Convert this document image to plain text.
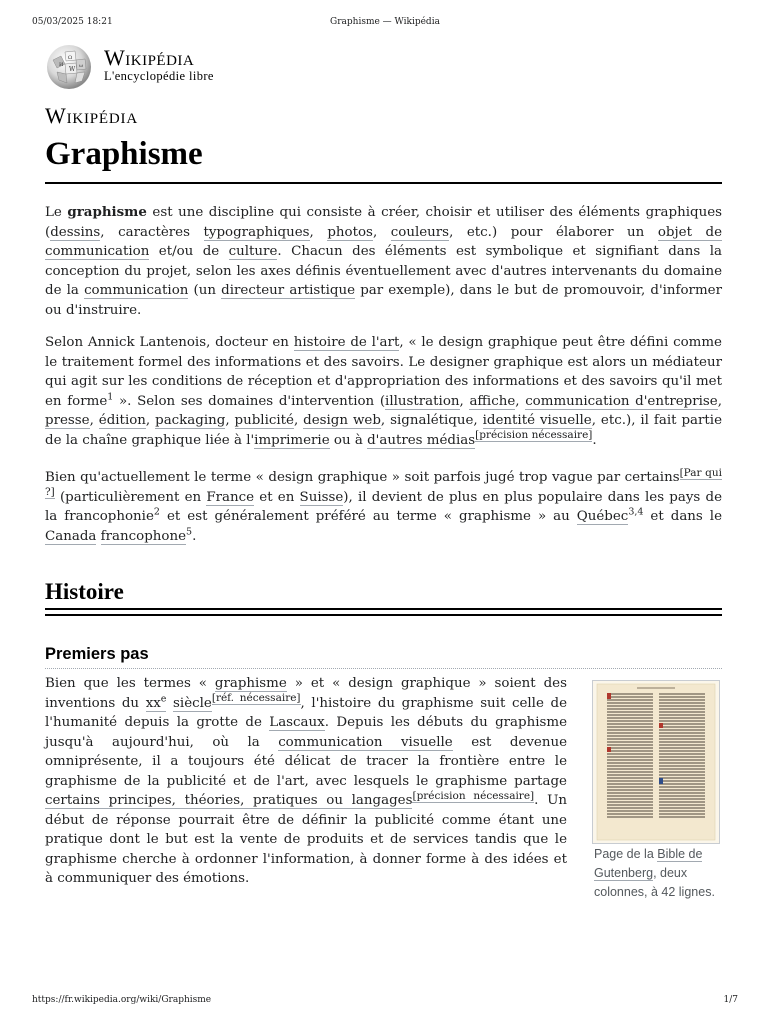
05/03/2025 18:21	Graphisme — Wikipédia
Ω
W
И	ω Wikipédia
L'encyclopédie libre
Wikipédia
Graphisme

Le graphisme est une discipline qui consiste à créer, choisir et utiliser des éléments graphiques (dessins, caractères typographiques, photos, couleurs, etc.) pour élaborer un objet de communication et/ou de culture. Chacun des éléments est symbolique et signifiant dans la conception du projet, selon les axes définis éventuellement avec d'autres intervenants du domaine de la communication (un directeur artistique par exemple), dans le but de promouvoir, d'informer ou d'instruire.

Selon Annick Lantenois, docteur en histoire de l'art, « le design graphique peut être défini comme le traitement formel des informations et des savoirs. Le designer graphique est alors un médiateur qui agit sur les conditions de réception et d'appropriation des informations et des savoirs qu'il met en forme$^1$ ». Selon ses domaines d'intervention (illustration, affiche, communication d'entreprise, presse, édition, packaging, publicité, design web, signalétique, identité visuelle, etc.), il fait partie de la chaîne graphique liée à l'imprimerie ou à d'autres médias[précision nécessaire].

Bien qu'actuellement le terme « design graphique » soit parfois jugé trop vague par certains[Par qui ?] (particulièrement en France et en Suisse), il devient de plus en plus populaire dans les pays de la francophonie$^2$ et est généralement préféré au terme « graphisme » au Québec$^{3,4}$ et dans le Canada francophone$^5$.

Histoire
Premiers pas

Bien que les termes « graphisme » et « design graphique » soient des inventions du $xx^e$ siècle[réf. nécessaire], l'histoire du graphisme suit celle de l'humanité depuis la grotte de Lascaux. Depuis les débuts du graphisme jusqu'à aujourd'hui, où la communication visuelle est devenue omniprésente, il a toujours été délicat de tracer la frontière entre le graphisme de la publicité et de l'art, avec lesquels le graphisme partage certains principes, théories, pratiques ou langages[précision nécessaire]. Un début de réponse pourrait être de définir la publicité comme étant une pratique dont le but est la vente de produits et de services tandis que le graphisme cherche à ordonner l'information, à donner forme à des idées et à communiquer des émotions.

Page de la Bible de Gutenberg, deux colonnes, à 42 lignes.
https://fr.wikipedia.org/wiki/Graphisme	1/7
